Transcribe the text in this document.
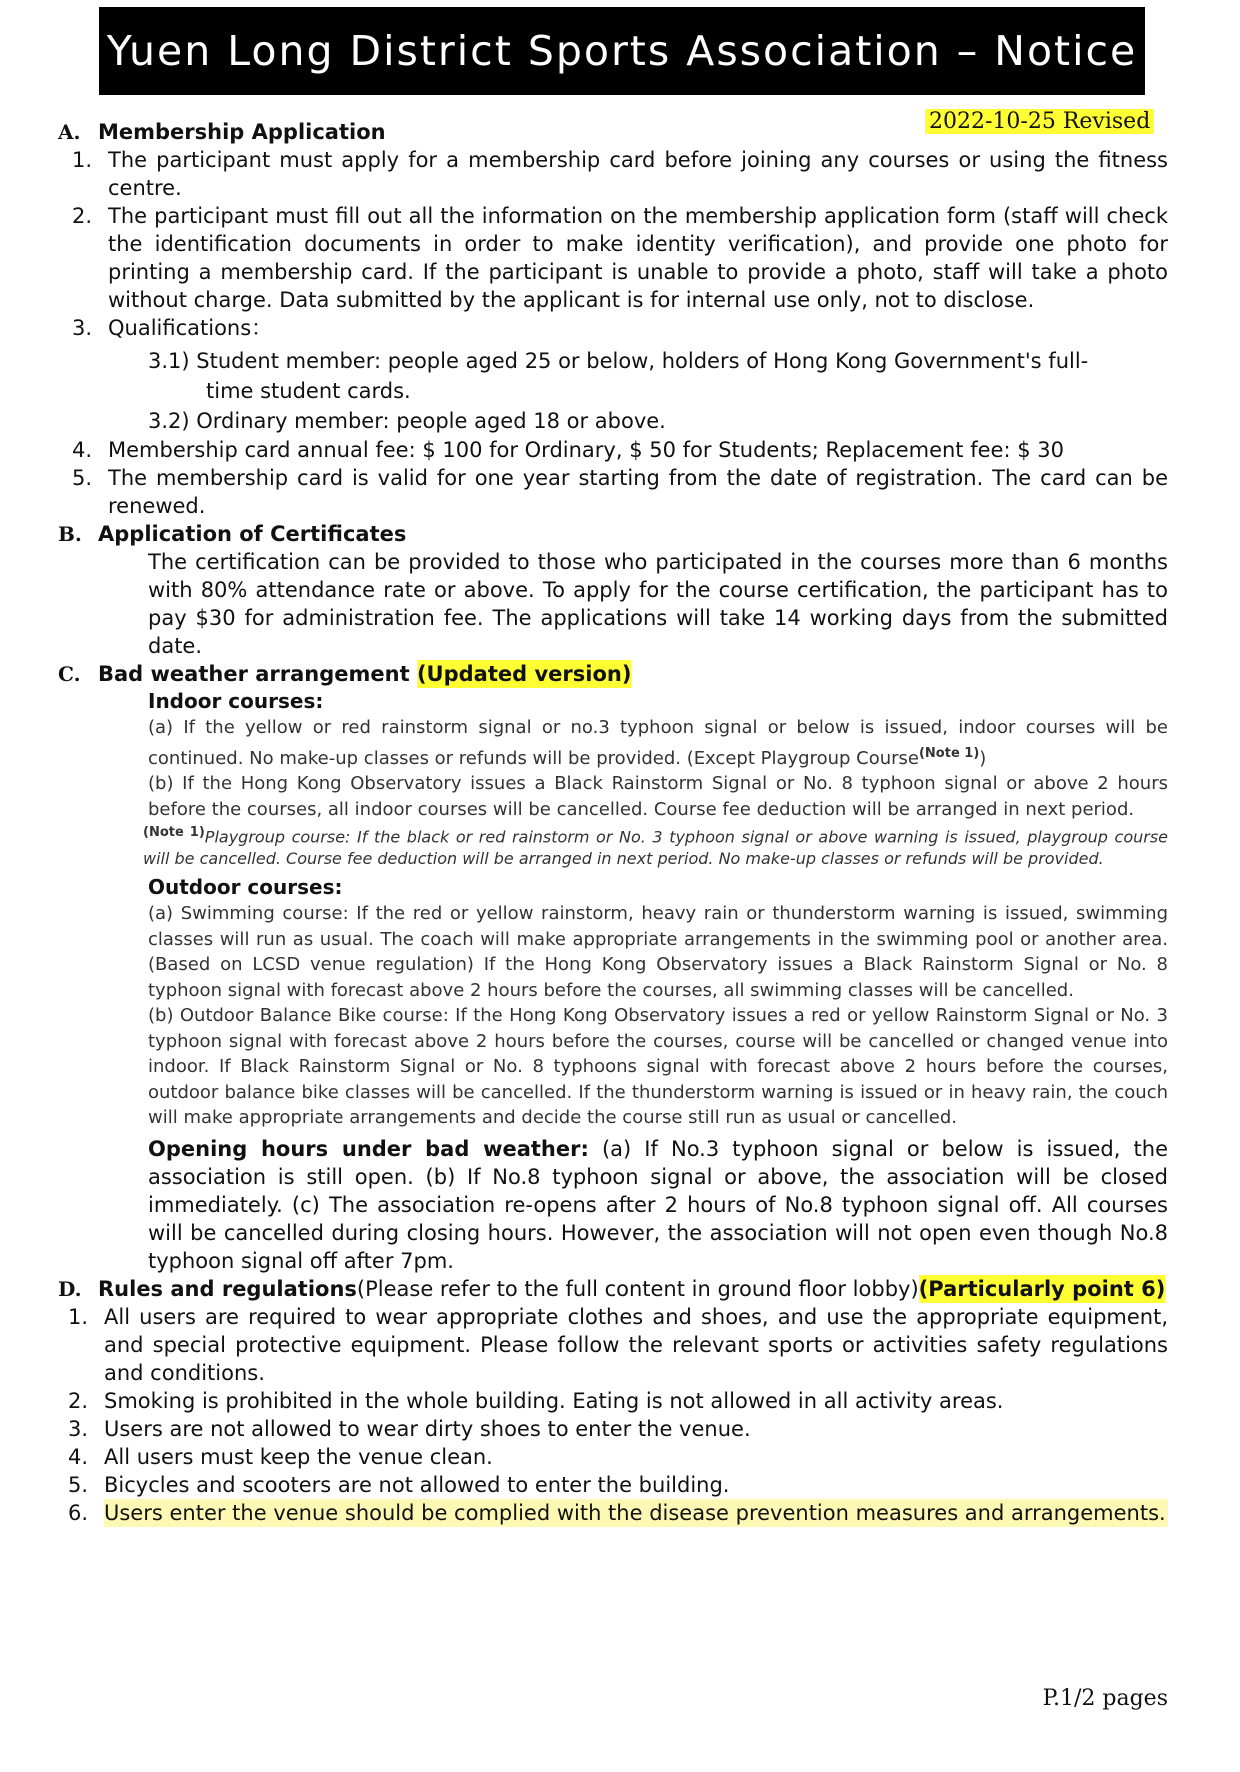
Yuen Long District Sports Association – Notice
2022-10-25 Revised
A. Membership Application
1. The participant must apply for a membership card before joining any courses or using the fitness centre.
2. The participant must fill out all the information on the membership application form (staff will check the identification documents in order to make identity verification), and provide one photo for printing a membership card. If the participant is unable to provide a photo, staff will take a photo without charge. Data submitted by the applicant is for internal use only, not to disclose.
3. Qualifications：
3.1) Student member: people aged 25 or below, holders of Hong Kong Government's full-
time student cards.
3.2) Ordinary member: people aged 18 or above.
4. Membership card annual fee: $ 100 for Ordinary, $ 50 for Students; Replacement fee: $ 30
5. The membership card is valid for one year starting from the date of registration. The card can be renewed.
B. Application of Certificates
The certification can be provided to those who participated in the courses more than 6 months with 80% attendance rate or above. To apply for the course certification, the participant has to pay $30 for administration fee. The applications will take 14 working days from the submitted date.
C. Bad weather arrangement
(Updated version)
Indoor courses:
(a) If the yellow or red rainstorm signal or no.3 typhoon signal or below is issued, indoor courses will be continued. No make-up classes or refunds will be provided. (Except Playgroup Course$^{(Note 1)}$)
(b) If the Hong Kong Observatory issues a Black Rainstorm Signal or No. 8 typhoon signal or above 2 hours before the courses, all indoor courses will be cancelled. Course fee deduction will be arranged in next period.
$^{(Note 1)}$Playgroup course: If the black or red rainstorm or No. 3 typhoon signal or above warning is issued, playgroup course will be cancelled. Course fee deduction will be arranged in next period. No make-up classes or refunds will be provided.
Outdoor courses:
(a) Swimming course: If the red or yellow rainstorm, heavy rain or thunderstorm warning is issued, swimming classes will run as usual. The coach will make appropriate arrangements in the swimming pool or another area. (Based on LCSD venue regulation) If the Hong Kong Observatory issues a Black Rainstorm Signal or No. 8 typhoon signal with forecast above 2 hours before the courses, all swimming classes will be cancelled.
(b) Outdoor Balance Bike course: If the Hong Kong Observatory issues a red or yellow Rainstorm Signal or No. 3 typhoon signal with forecast above 2 hours before the courses, course will be cancelled or changed venue into indoor. If Black Rainstorm Signal or No. 8 typhoons signal with forecast above 2 hours before the courses, outdoor balance bike classes will be cancelled. If the thunderstorm warning is issued or in heavy rain, the couch will make appropriate arrangements and decide the course still run as usual or cancelled.
Opening hours under bad weather: (a) If No.3 typhoon signal or below is issued, the association is still open. (b) If No.8 typhoon signal or above, the association will be closed immediately. (c) The association re-opens after 2 hours of No.8 typhoon signal off. All courses will be cancelled during closing hours. However, the association will not open even though No.8 typhoon signal off after 7pm.
D. Rules and regulations (Please refer to the full content in ground floor lobby) (Particularly point 6)
1. All users are required to wear appropriate clothes and shoes, and use the appropriate equipment, and special protective equipment. Please follow the relevant sports or activities safety regulations and conditions.
2. Smoking is prohibited in the whole building. Eating is not allowed in all activity areas.
3. Users are not allowed to wear dirty shoes to enter the venue.
4. All users must keep the venue clean.
5. Bicycles and scooters are not allowed to enter the building.
6. Users enter the venue should be complied with the disease prevention measures and arrangements.
P.1/2 pages
